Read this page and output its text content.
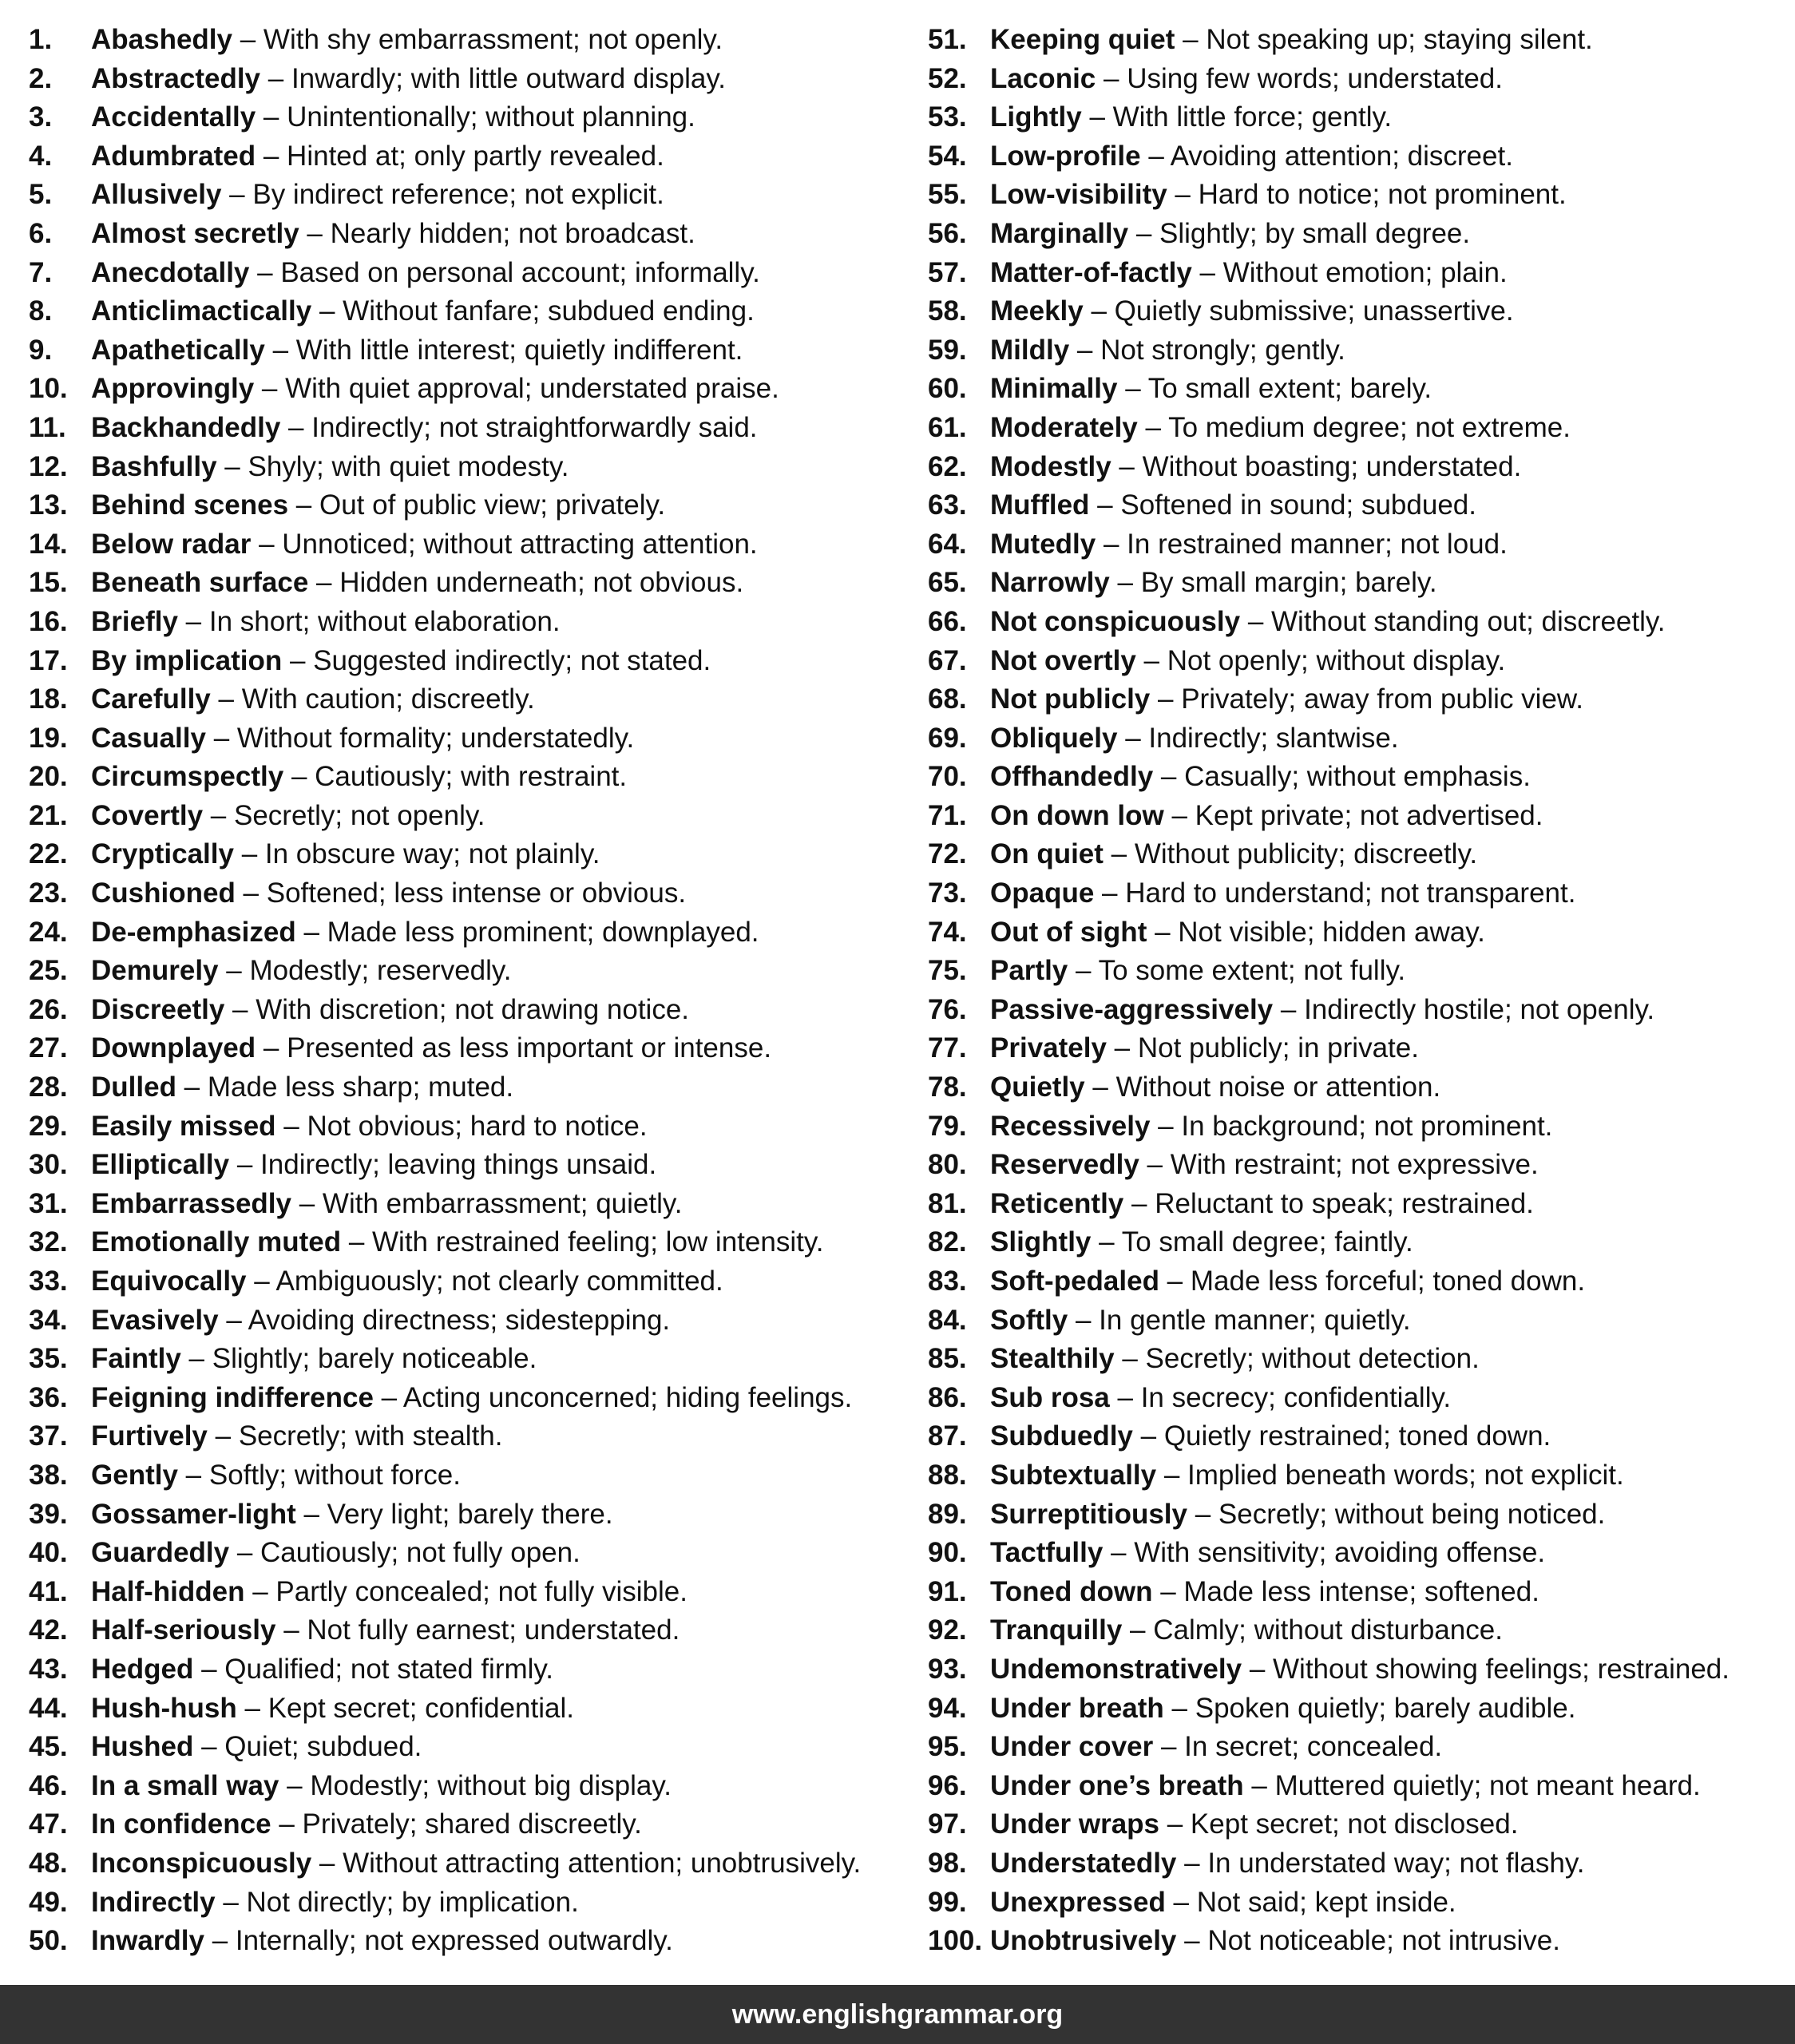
1. Abashedly – With shy embarrassment; not openly.
2. Abstractedly – Inwardly; with little outward display.
3. Accidentally – Unintentionally; without planning.
4. Adumbrated – Hinted at; only partly revealed.
5. Allusively – By indirect reference; not explicit.
6. Almost secretly – Nearly hidden; not broadcast.
7. Anecdotally – Based on personal account; informally.
8. Anticlimactically – Without fanfare; subdued ending.
9. Apathetically – With little interest; quietly indifferent.
10. Approvingly – With quiet approval; understated praise.
11. Backhandedly – Indirectly; not straightforwardly said.
12. Bashfully – Shyly; with quiet modesty.
13. Behind scenes – Out of public view; privately.
14. Below radar – Unnoticed; without attracting attention.
15. Beneath surface – Hidden underneath; not obvious.
16. Briefly – In short; without elaboration.
17. By implication – Suggested indirectly; not stated.
18. Carefully – With caution; discreetly.
19. Casually – Without formality; understatedly.
20. Circumspectly – Cautiously; with restraint.
21. Covertly – Secretly; not openly.
22. Cryptically – In obscure way; not plainly.
23. Cushioned – Softened; less intense or obvious.
24. De-emphasized – Made less prominent; downplayed.
25. Demurely – Modestly; reservedly.
26. Discreetly – With discretion; not drawing notice.
27. Downplayed – Presented as less important or intense.
28. Dulled – Made less sharp; muted.
29. Easily missed – Not obvious; hard to notice.
30. Elliptically – Indirectly; leaving things unsaid.
31. Embarrassedly – With embarrassment; quietly.
32. Emotionally muted – With restrained feeling; low intensity.
33. Equivocally – Ambiguously; not clearly committed.
34. Evasively – Avoiding directness; sidestepping.
35. Faintly – Slightly; barely noticeable.
36. Feigning indifference – Acting unconcerned; hiding feelings.
37. Furtively – Secretly; with stealth.
38. Gently – Softly; without force.
39. Gossamer-light – Very light; barely there.
40. Guardedly – Cautiously; not fully open.
41. Half-hidden – Partly concealed; not fully visible.
42. Half-seriously – Not fully earnest; understated.
43. Hedged – Qualified; not stated firmly.
44. Hush-hush – Kept secret; confidential.
45. Hushed – Quiet; subdued.
46. In a small way – Modestly; without big display.
47. In confidence – Privately; shared discreetly.
48. Inconspicuously – Without attracting attention; unobtrusively.
49. Indirectly – Not directly; by implication.
50. Inwardly – Internally; not expressed outwardly.
51. Keeping quiet – Not speaking up; staying silent.
52. Laconic – Using few words; understated.
53. Lightly – With little force; gently.
54. Low-profile – Avoiding attention; discreet.
55. Low-visibility – Hard to notice; not prominent.
56. Marginally – Slightly; by small degree.
57. Matter-of-factly – Without emotion; plain.
58. Meekly – Quietly submissive; unassertive.
59. Mildly – Not strongly; gently.
60. Minimally – To small extent; barely.
61. Moderately – To medium degree; not extreme.
62. Modestly – Without boasting; understated.
63. Muffled – Softened in sound; subdued.
64. Mutedly – In restrained manner; not loud.
65. Narrowly – By small margin; barely.
66. Not conspicuously – Without standing out; discreetly.
67. Not overtly – Not openly; without display.
68. Not publicly – Privately; away from public view.
69. Obliquely – Indirectly; slantwise.
70. Offhandedly – Casually; without emphasis.
71. On down low – Kept private; not advertised.
72. On quiet – Without publicity; discreetly.
73. Opaque – Hard to understand; not transparent.
74. Out of sight – Not visible; hidden away.
75. Partly – To some extent; not fully.
76. Passive-aggressively – Indirectly hostile; not openly.
77. Privately – Not publicly; in private.
78. Quietly – Without noise or attention.
79. Recessively – In background; not prominent.
80. Reservedly – With restraint; not expressive.
81. Reticently – Reluctant to speak; restrained.
82. Slightly – To small degree; faintly.
83. Soft-pedaled – Made less forceful; toned down.
84. Softly – In gentle manner; quietly.
85. Stealthily – Secretly; without detection.
86. Sub rosa – In secrecy; confidentially.
87. Subduedly – Quietly restrained; toned down.
88. Subtextually – Implied beneath words; not explicit.
89. Surreptitiously – Secretly; without being noticed.
90. Tactfully – With sensitivity; avoiding offense.
91. Toned down – Made less intense; softened.
92. Tranquilly – Calmly; without disturbance.
93. Undemonstratively – Without showing feelings; restrained.
94. Under breath – Spoken quietly; barely audible.
95. Under cover – In secret; concealed.
96. Under one’s breath – Muttered quietly; not meant heard.
97. Under wraps – Kept secret; not disclosed.
98. Understatedly – In understated way; not flashy.
99. Unexpressed – Not said; kept inside.
100. Unobtrusively – Not noticeable; not intrusive.
www.englishgrammar.org
